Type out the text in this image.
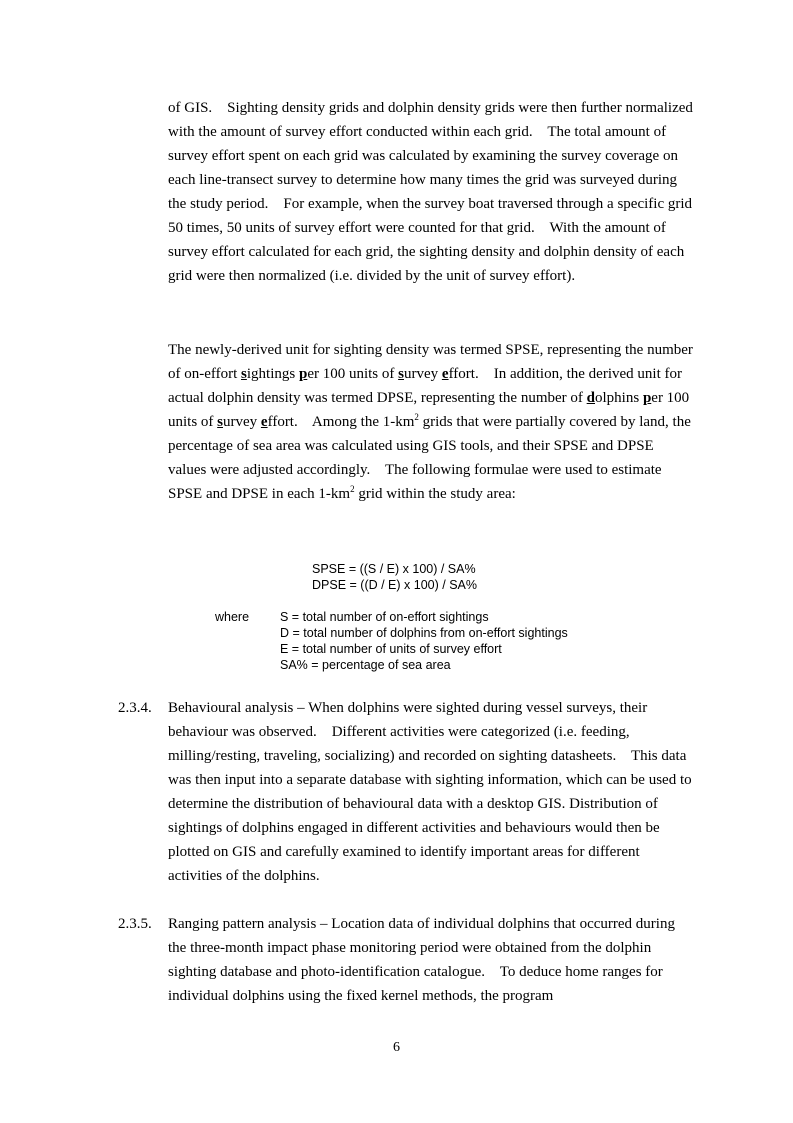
of GIS.    Sighting density grids and dolphin density grids were then further normalized with the amount of survey effort conducted within each grid.    The total amount of survey effort spent on each grid was calculated by examining the survey coverage on each line-transect survey to determine how many times the grid was surveyed during the study period.    For example, when the survey boat traversed through a specific grid 50 times, 50 units of survey effort were counted for that grid.    With the amount of survey effort calculated for each grid, the sighting density and dolphin density of each grid were then normalized (i.e. divided by the unit of survey effort).

The newly-derived unit for sighting density was termed SPSE, representing the number of on-effort sightings per 100 units of survey effort.    In addition, the derived unit for actual dolphin density was termed DPSE, representing the number of dolphins per 100 units of survey effort.    Among the $1-km^2$ grids that were partially covered by land, the percentage of sea area was calculated using GIS tools, and their SPSE and DPSE values were adjusted accordingly.    The following formulae were used to estimate SPSE and DPSE in each $1-km^2$ grid within the study area:

SPSE = ((S / E) x 100) / SA%
DPSE = ((D / E) x 100) / SA%
where S = total number of on-effort sightings
D = total number of dolphins from on-effort sightings
E = total number of units of survey effort
SA% = percentage of sea area
2.3.4. Behavioural analysis – When dolphins were sighted during vessel surveys, their behaviour was observed.    Different activities were categorized (i.e. feeding, milling/resting, traveling, socializing) and recorded on sighting datasheets.    This data was then input into a separate database with sighting information, which can be used to determine the distribution of behavioural data with a desktop GIS. Distribution of sightings of dolphins engaged in different activities and behaviours would then be plotted on GIS and carefully examined to identify important areas for different activities of the dolphins.

2.3.5. Ranging pattern analysis – Location data of individual dolphins that occurred during the three-month impact phase monitoring period were obtained from the dolphin sighting database and photo-identification catalogue.    To deduce home ranges for individual dolphins using the fixed kernel methods, the program

6
